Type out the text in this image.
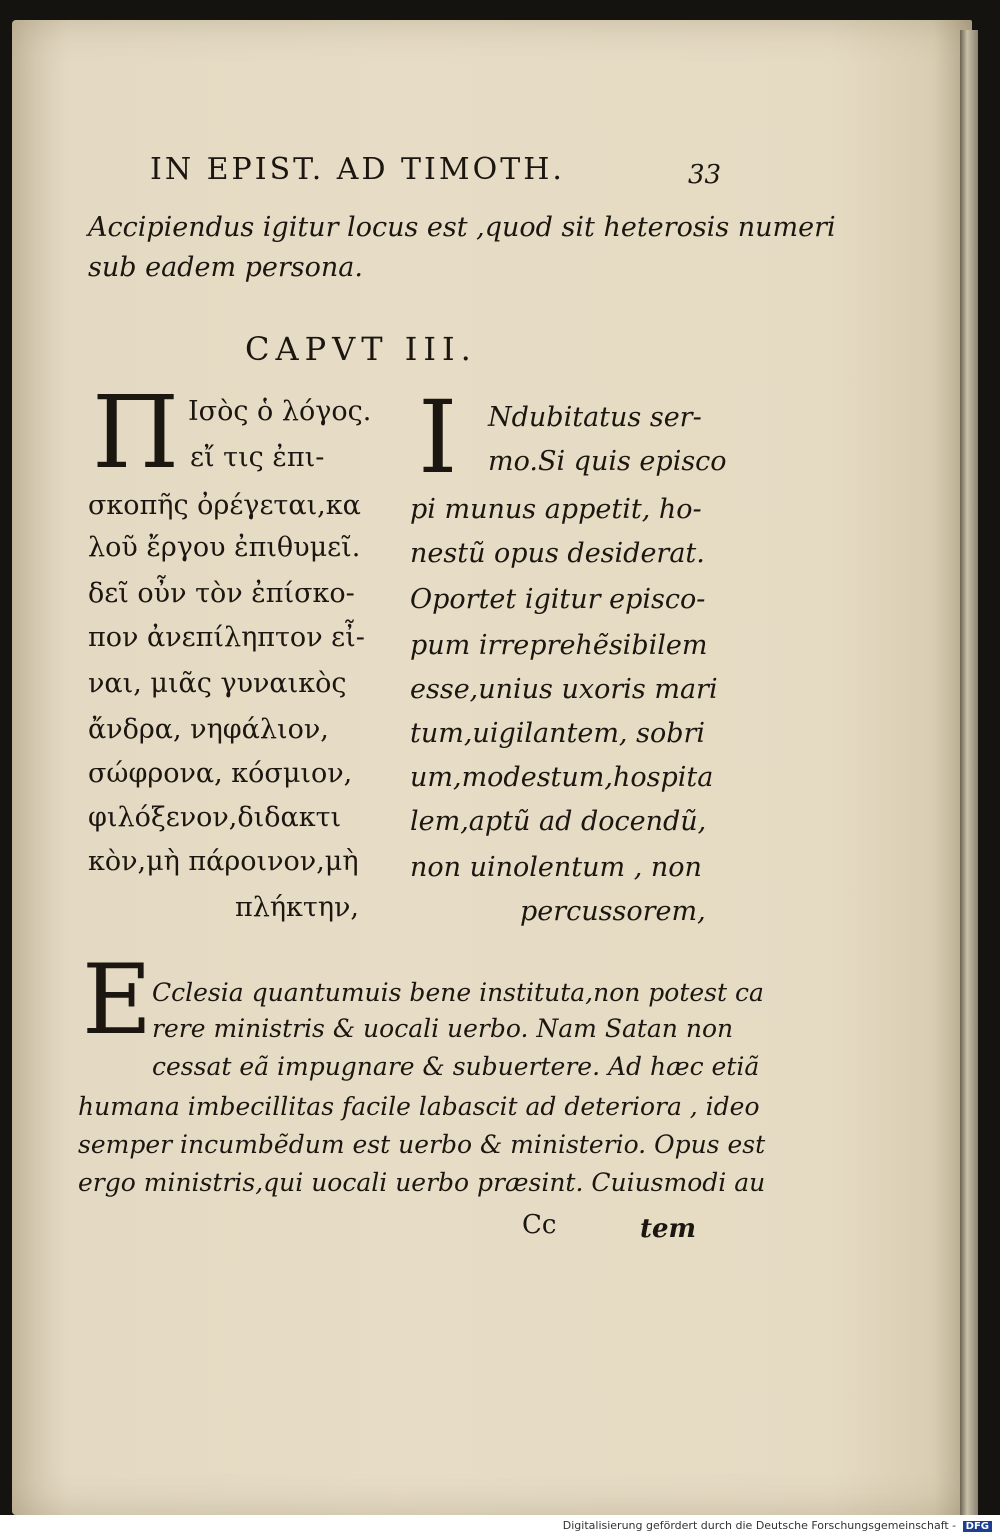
IN EPIST. AD TIMOTH.	33
Accipiendus igitur locus est ,quod sit heterosis numeri
sub eadem persona.
CAPVT III.
Π Ισὸς ὁ λόγος.
εἴ τις ἐπι-
σκοπῆς ὀρέγεται,κα
λοῦ ἔργου ἐπιθυμεῖ.
δεῖ οὖν τὸν ἐπίσκο-
πον ἀνεπίληπτον εἶ-
ναι, μιᾶς γυναικὸς
ἄνδρα, νηφάλιον,
σώφρονα, κόσμιον,
φιλόξενον,διδακτι
κὸν,μὴ πάροινον,μὴ
πλήκτην,
I Ndubitatus ser-
mo.Si quis episco
pi munus appetit, ho-
nestũ opus desiderat.
Oportet igitur episco-
pum irreprehẽsibilem
esse,unius uxoris mari
tum,uigilantem, sobri
um,modestum,hospita
lem,aptũ ad docendũ,
non uinolentum , non
percussorem,
E Cclesia quantumuis bene instituta,non potest ca
rere ministris & uocali uerbo. Nam Satan non
cessat eã impugnare & subuertere. Ad hæc etiã
humana imbecillitas facile labascit ad deteriora , ideo
semper incumbẽdum est uerbo & ministerio. Opus est
ergo ministris,qui uocali uerbo præsint. Cuiusmodi au
Cc	tem
Digitalisierung gefördert durch die Deutsche Forschungsgemeinschaft - DFG
